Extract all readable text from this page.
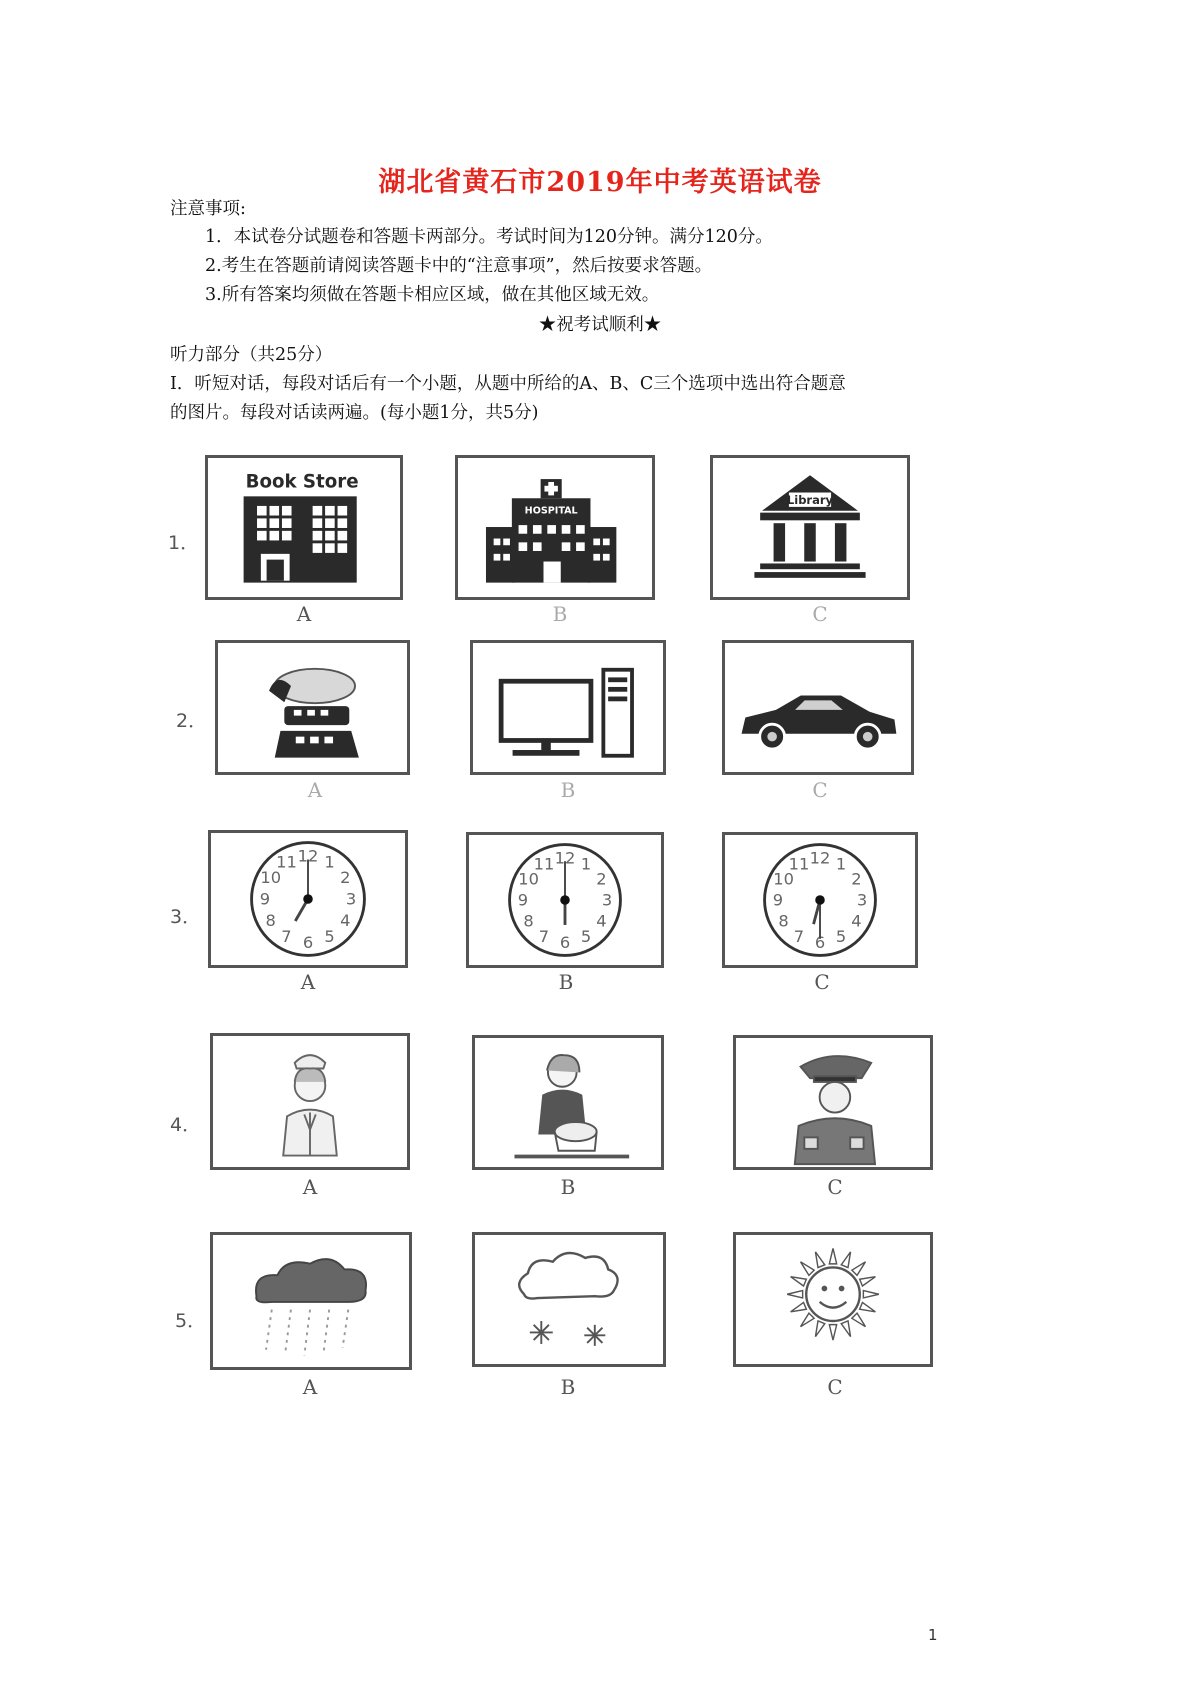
湖北省黄石市2019年中考英语试卷
注意事项:
1．本试卷分试题卷和答题卡两部分。考试时间为120分钟。满分120分。
2.考生在答题前请阅读答题卡中的“注意事项”，然后按要求答题。
3.所有答案均须做在答题卡相应区域，做在其他区域无效。
★祝考试顺利★
听力部分（共25分）
I．听短对话，每段对话后有一个小题，从题中所给的A、B、C三个选项中选出符合题意
的图片。每段对话读两遍。(每小题1分，共5分)
1．
Book Store
A
HOSPITAL
B
Library
C
2．
A	B	C
3．
1
2
3
4
5
6
7
8
9
10
11 12
A
1
2
3
4
5
6
7
8
9
10
11 12
B
1
2
3
4
5
6
7
8
9
10
11 12
C
4．
A	B	C
5．
A	B	C
1
